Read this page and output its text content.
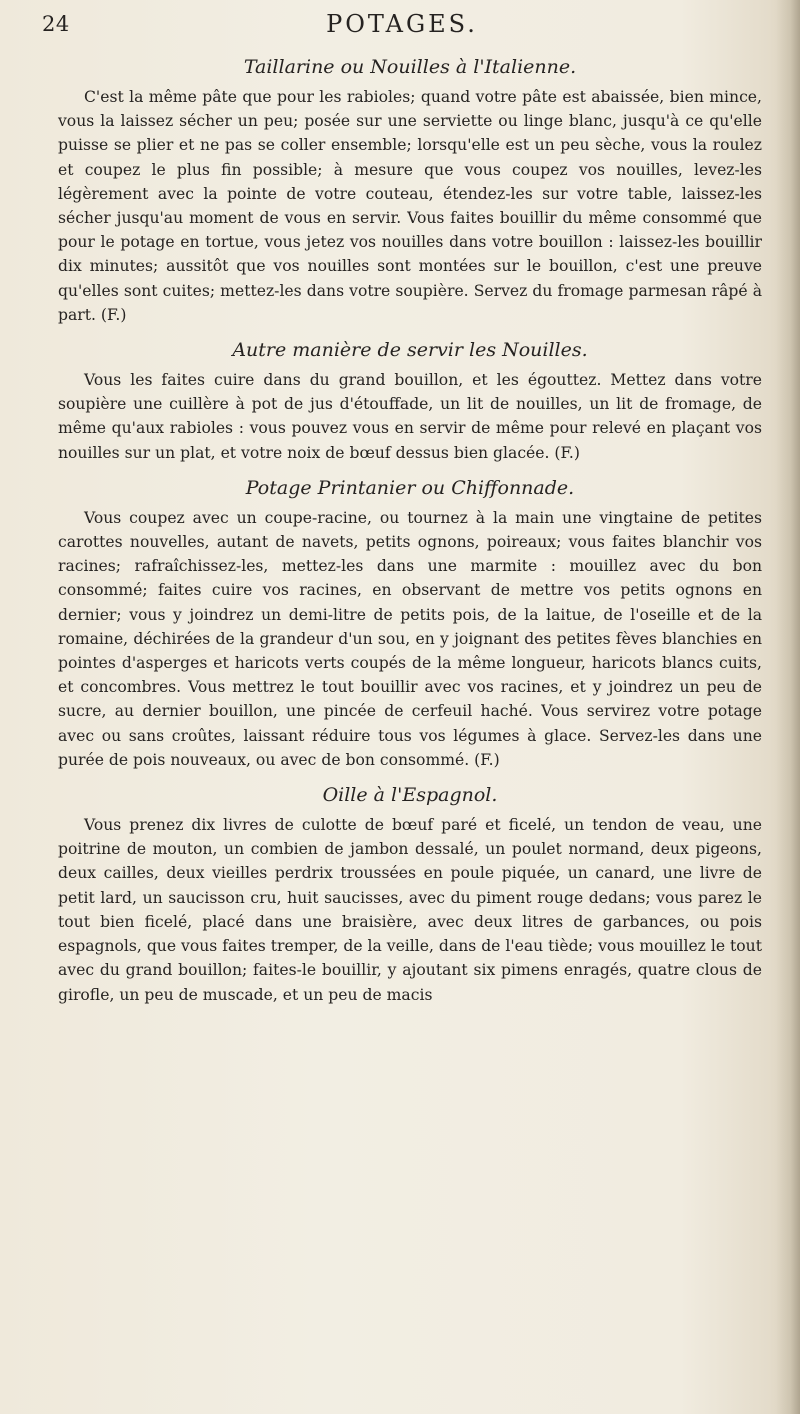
24	POTAGES.
Taillarine ou Nouilles à l'Italienne.

C'est la même pâte que pour les rabioles; quand votre pâte est abaissée, bien mince, vous la laissez sécher un peu; posée sur une serviette ou linge blanc, jusqu'à ce qu'elle puisse se plier et ne pas se coller ensemble; lorsqu'elle est un peu sèche, vous la roulez et coupez le plus fin possible; à mesure que vous coupez vos nouilles, levez-les légèrement avec la pointe de votre couteau, étendez-les sur votre table, laissez-les sécher jusqu'au moment de vous en servir. Vous faites bouillir du même consommé que pour le potage en tortue, vous jetez vos nouilles dans votre bouillon : laissez-les bouillir dix minutes; aussitôt que vos nouilles sont montées sur le bouillon, c'est une preuve qu'elles sont cuites; mettez-les dans votre soupière. Servez du fromage parmesan râpé à part. (F.)

Autre manière de servir les Nouilles.

Vous les faites cuire dans du grand bouillon, et les égouttez. Mettez dans votre soupière une cuillère à pot de jus d'étouffade, un lit de nouilles, un lit de fromage, de même qu'aux rabioles : vous pouvez vous en servir de même pour relevé en plaçant vos nouilles sur un plat, et votre noix de bœuf dessus bien glacée. (F.)

Potage Printanier ou Chiffonnade.

Vous coupez avec un coupe-racine, ou tournez à la main une vingtaine de petites carottes nouvelles, autant de navets, petits ognons, poireaux; vous faites blanchir vos racines; rafraîchissez-les, mettez-les dans une marmite : mouillez avec du bon consommé; faites cuire vos racines, en observant de mettre vos petits ognons en dernier; vous y joindrez un demi-litre de petits pois, de la laitue, de l'oseille et de la romaine, déchirées de la grandeur d'un sou, en y joignant des petites fèves blanchies en pointes d'asperges et haricots verts coupés de la même longueur, haricots blancs cuits, et concombres. Vous mettrez le tout bouillir avec vos racines, et y joindrez un peu de sucre, au dernier bouillon, une pincée de cerfeuil haché. Vous servirez votre potage avec ou sans croûtes, laissant réduire tous vos légumes à glace. Servez-les dans une purée de pois nouveaux, ou avec de bon consommé. (F.)

Oille à l'Espagnol.

Vous prenez dix livres de culotte de bœuf paré et ficelé, un tendon de veau, une poitrine de mouton, un combien de jambon dessalé, un poulet normand, deux pigeons, deux cailles, deux vieilles perdrix troussées en poule piquée, un canard, une livre de petit lard, un saucisson cru, huit saucisses, avec du piment rouge dedans; vous parez le tout bien ficelé, placé dans une braisière, avec deux litres de garbances, ou pois espagnols, que vous faites tremper, de la veille, dans de l'eau tiède; vous mouillez le tout avec du grand bouillon; faites-le bouillir, y ajoutant six pimens enragés, quatre clous de girofle, un peu de muscade, et un peu de macis
